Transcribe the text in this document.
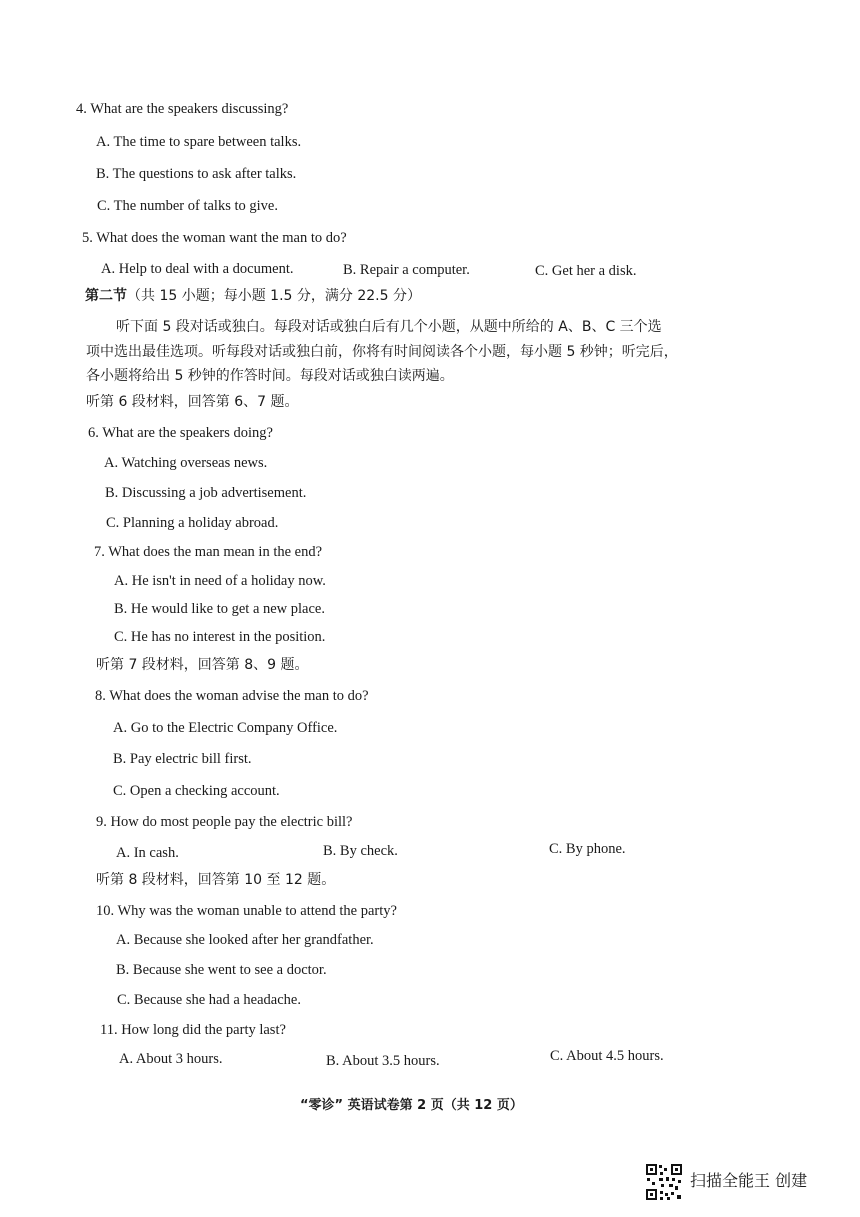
4. What are the speakers discussing?
A. The time to spare between talks.
B. The questions to ask after talks.
C. The number of talks to give.
5. What does the woman want the man to do?
A. Help to deal with a document.	B. Repair a computer.	C. Get her a disk.
第二节（共 15 小题；每小题 1.5 分，满分 22.5 分）
听下面 5 段对话或独白。每段对话或独白后有几个小题，从题中所给的 A、B、C 三个选
项中选出最佳选项。听每段对话或独白前，你将有时间阅读各个小题，每小题 5 秒钟；听完后，
各小题将给出 5 秒钟的作答时间。每段对话或独白读两遍。
听第 6 段材料，回答第 6、7 题。
6. What are the speakers doing?
A. Watching overseas news.
B. Discussing a job advertisement.
C. Planning a holiday abroad.
7. What does the man mean in the end?
A. He isn't in need of a holiday now.
B. He would like to get a new place.
C. He has no interest in the position.
听第 7 段材料，回答第 8、9 题。
8. What does the woman advise the man to do?
A. Go to the Electric Company Office.
B. Pay electric bill first.
C. Open a checking account.
9. How do most people pay the electric bill?
A. In cash.	B. By check.	C. By phone.
听第 8 段材料，回答第 10 至 12 题。
10. Why was the woman unable to attend the party?
A. Because she looked after her grandfather.
B. Because she went to see a doctor.
C. Because she had a headache.
11. How long did the party last?
A. About 3 hours.	B. About 3.5 hours.	C. About 4.5 hours.
“零诊” 英语试卷第 2 页（共 12 页）
扫描全能王 创建
